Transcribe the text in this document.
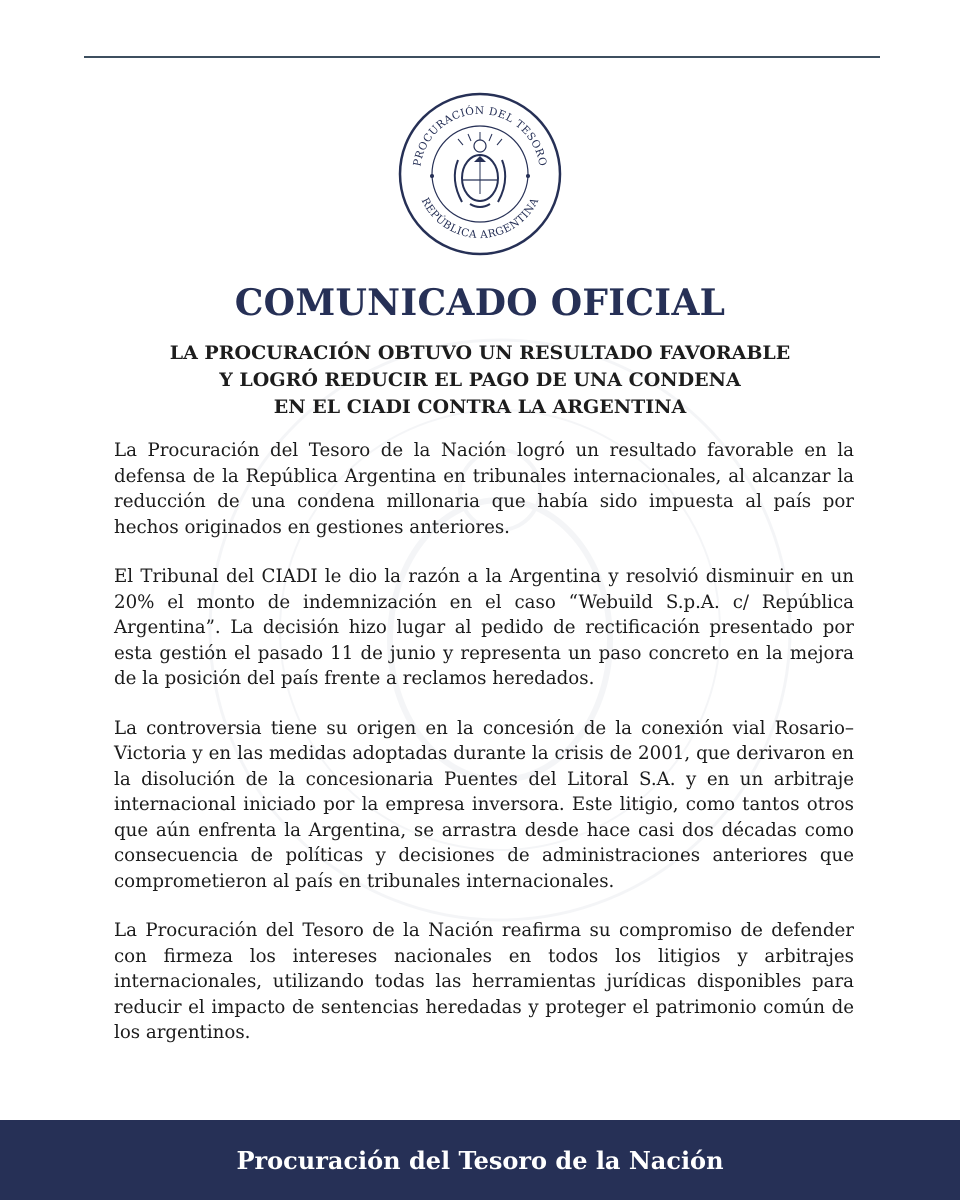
PROCURACIÓN DEL TESORO
REPÚBLICA ARGENTINA
COMUNICADO OFICIAL
LA PROCURACIÓN OBTUVO UN RESULTADO FAVORABLE
Y LOGRÓ REDUCIR EL PAGO DE UNA CONDENA
EN EL CIADI CONTRA LA ARGENTINA

La Procuración del Tesoro de la Nación logró un resultado favorable en la defensa de la República Argentina en tribunales internacionales, al alcanzar la reducción de una condena millonaria que había sido impuesta al país por hechos originados en gestiones anteriores.

El Tribunal del CIADI le dio la razón a la Argentina y resolvió disminuir en un 20% el monto de indemnización en el caso “Webuild S.p.A. c/ República Argentina”. La decisión hizo lugar al pedido de rectificación presentado por esta gestión el pasado 11 de junio y representa un paso concreto en la mejora de la posición del país frente a reclamos heredados.

La controversia tiene su origen en la concesión de la conexión vial Rosario–Victoria y en las medidas adoptadas durante la crisis de 2001, que derivaron en la disolución de la concesionaria Puentes del Litoral S.A. y en un arbitraje internacional iniciado por la empresa inversora. Este litigio, como tantos otros que aún enfrenta la Argentina, se arrastra desde hace casi dos décadas como consecuencia de políticas y decisiones de administraciones anteriores que comprometieron al país en tribunales internacionales.

La Procuración del Tesoro de la Nación reafirma su compromiso de defender con firmeza los intereses nacionales en todos los litigios y arbitrajes internacionales, utilizando todas las herramientas jurídicas disponibles para reducir el impacto de sentencias heredadas y proteger el patrimonio común de los argentinos.

Procuración del Tesoro de la Nación
